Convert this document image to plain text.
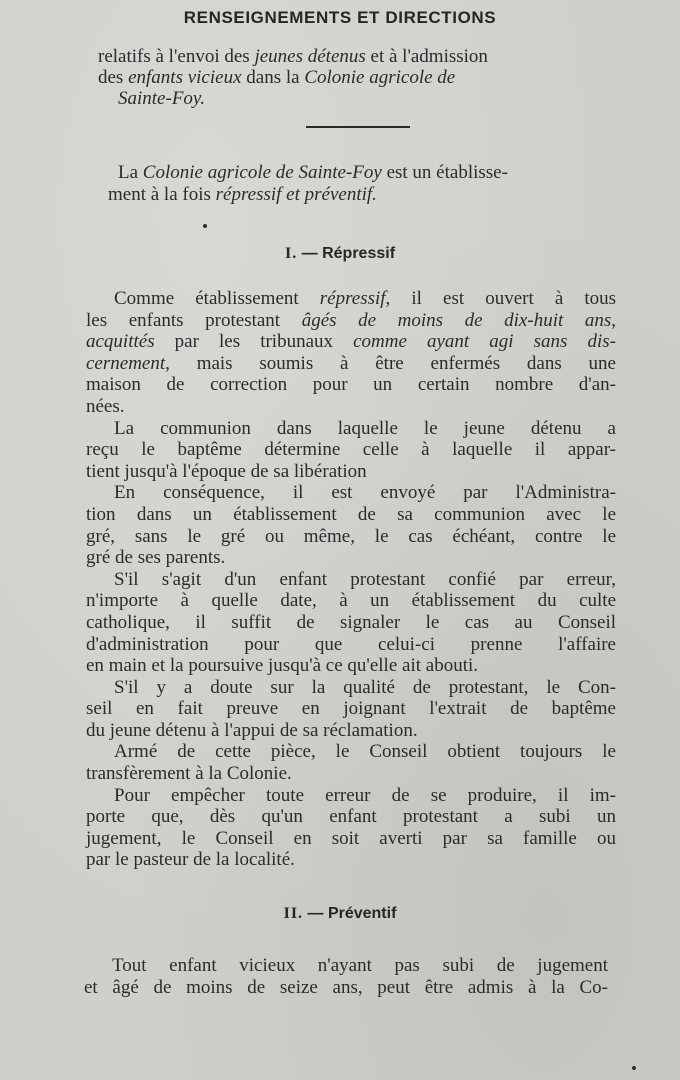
RENSEIGNEMENTS ET DIRECTIONS
relatifs à l'envoi des jeunes détenus et à l'admission
des enfants vicieux dans la Colonie agricole de
Sainte-Foy.
La Colonie agricole de Sainte-Foy est un établisse-
ment à la fois répressif et préventif.
I. — Répressif
Comme établissement répressif, il est ouvert à tous
les enfants protestant âgés de moins de dix-huit ans,
acquittés par les tribunaux comme ayant agi sans dis-
cernement, mais soumis à être enfermés dans une
maison de correction pour un certain nombre d'an-
nées.
La communion dans laquelle le jeune détenu a
reçu le baptême détermine celle à laquelle il appar-
tient jusqu'à l'époque de sa libération
En conséquence, il est envoyé par l'Administra-
tion dans un établissement de sa communion avec le
gré, sans le gré ou même, le cas échéant, contre le
gré de ses parents.
S'il s'agit d'un enfant protestant confié par erreur,
n'importe à quelle date, à un établissement du culte
catholique, il suffit de signaler le cas au Conseil
d'administration pour que celui-ci prenne l'affaire
en main et la poursuive jusqu'à ce qu'elle ait abouti.
S'il y a doute sur la qualité de protestant, le Con-
seil en fait preuve en joignant l'extrait de baptême
du jeune détenu à l'appui de sa réclamation.
Armé de cette pièce, le Conseil obtient toujours le
transfèrement à la Colonie.
Pour empêcher toute erreur de se produire, il im-
porte que, dès qu'un enfant protestant a subi un
jugement, le Conseil en soit averti par sa famille ou
par le pasteur de la localité.
II. — Préventif
Tout enfant vicieux n'ayant pas subi de jugement
et âgé de moins de seize ans, peut être admis à la Co-
